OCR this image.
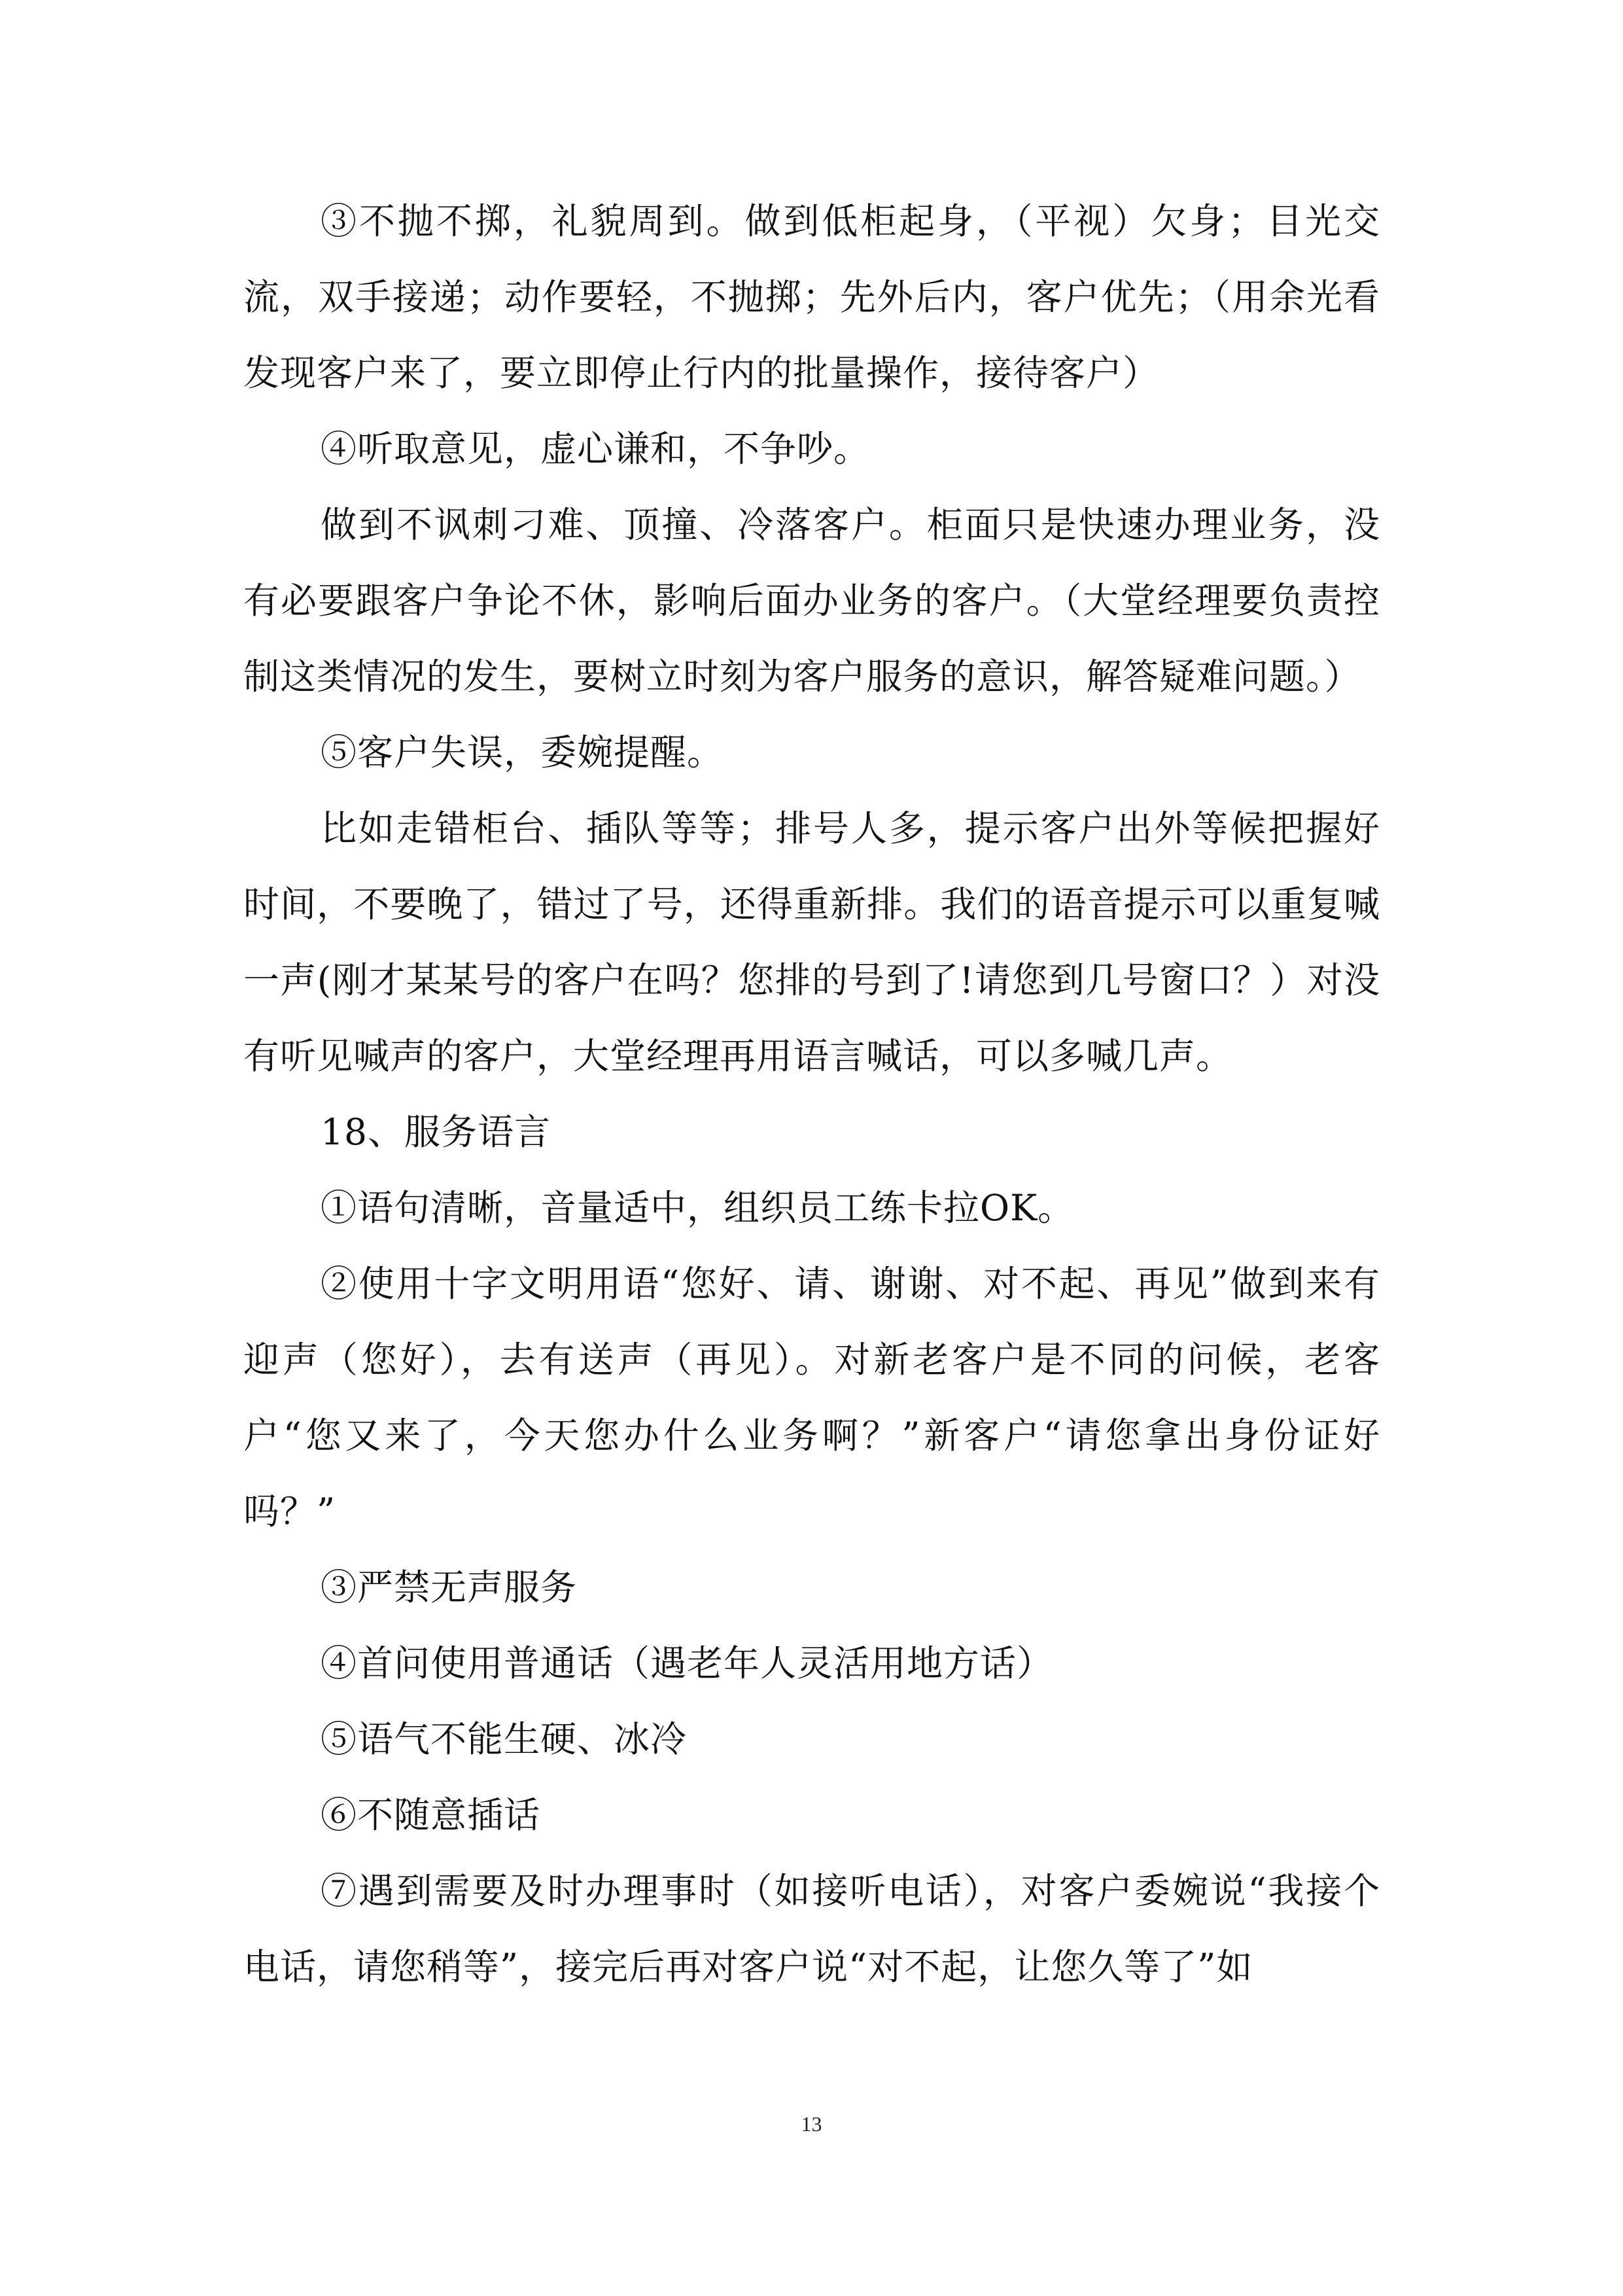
③不抛不掷，礼貌周到。做到低柜起身，（平视）欠身；目光交流，双手接递；动作要轻，不抛掷；先外后内，客户优先；（用余光看发现客户来了，要立即停止行内的批量操作，接待客户）

④听取意见，虚心谦和，不争吵。

做到不讽刺刁难、顶撞、冷落客户。柜面只是快速办理业务，没有必要跟客户争论不休，影响后面办业务的客户。（大堂经理要负责控制这类情况的发生，要树立时刻为客户服务的意识，解答疑难问题。）

⑤客户失误，委婉提醒。

比如走错柜台、插队等等；排号人多，提示客户出外等候把握好时间，不要晚了，错过了号，还得重新排。我们的语音提示可以重复喊一声(刚才某某号的客户在吗？您排的号到了!请您到几号窗口？）对没有听见喊声的客户，大堂经理再用语言喊话，可以多喊几声。

18、服务语言

①语句清晰，音量适中，组织员工练卡拉OK。

②使用十字文明用语“您好、请、谢谢、对不起、再见”做到来有迎声（您好），去有送声（再见）。对新老客户是不同的问候，老客户“您又来了，今天您办什么业务啊？”新客户“请您拿出身份证好吗？”

③严禁无声服务

④首问使用普通话（遇老年人灵活用地方话）

⑤语气不能生硬、冰冷

⑥不随意插话

⑦遇到需要及时办理事时（如接听电话），对客户委婉说“我接个电话，请您稍等”，接完后再对客户说“对不起，让您久等了”如

13
